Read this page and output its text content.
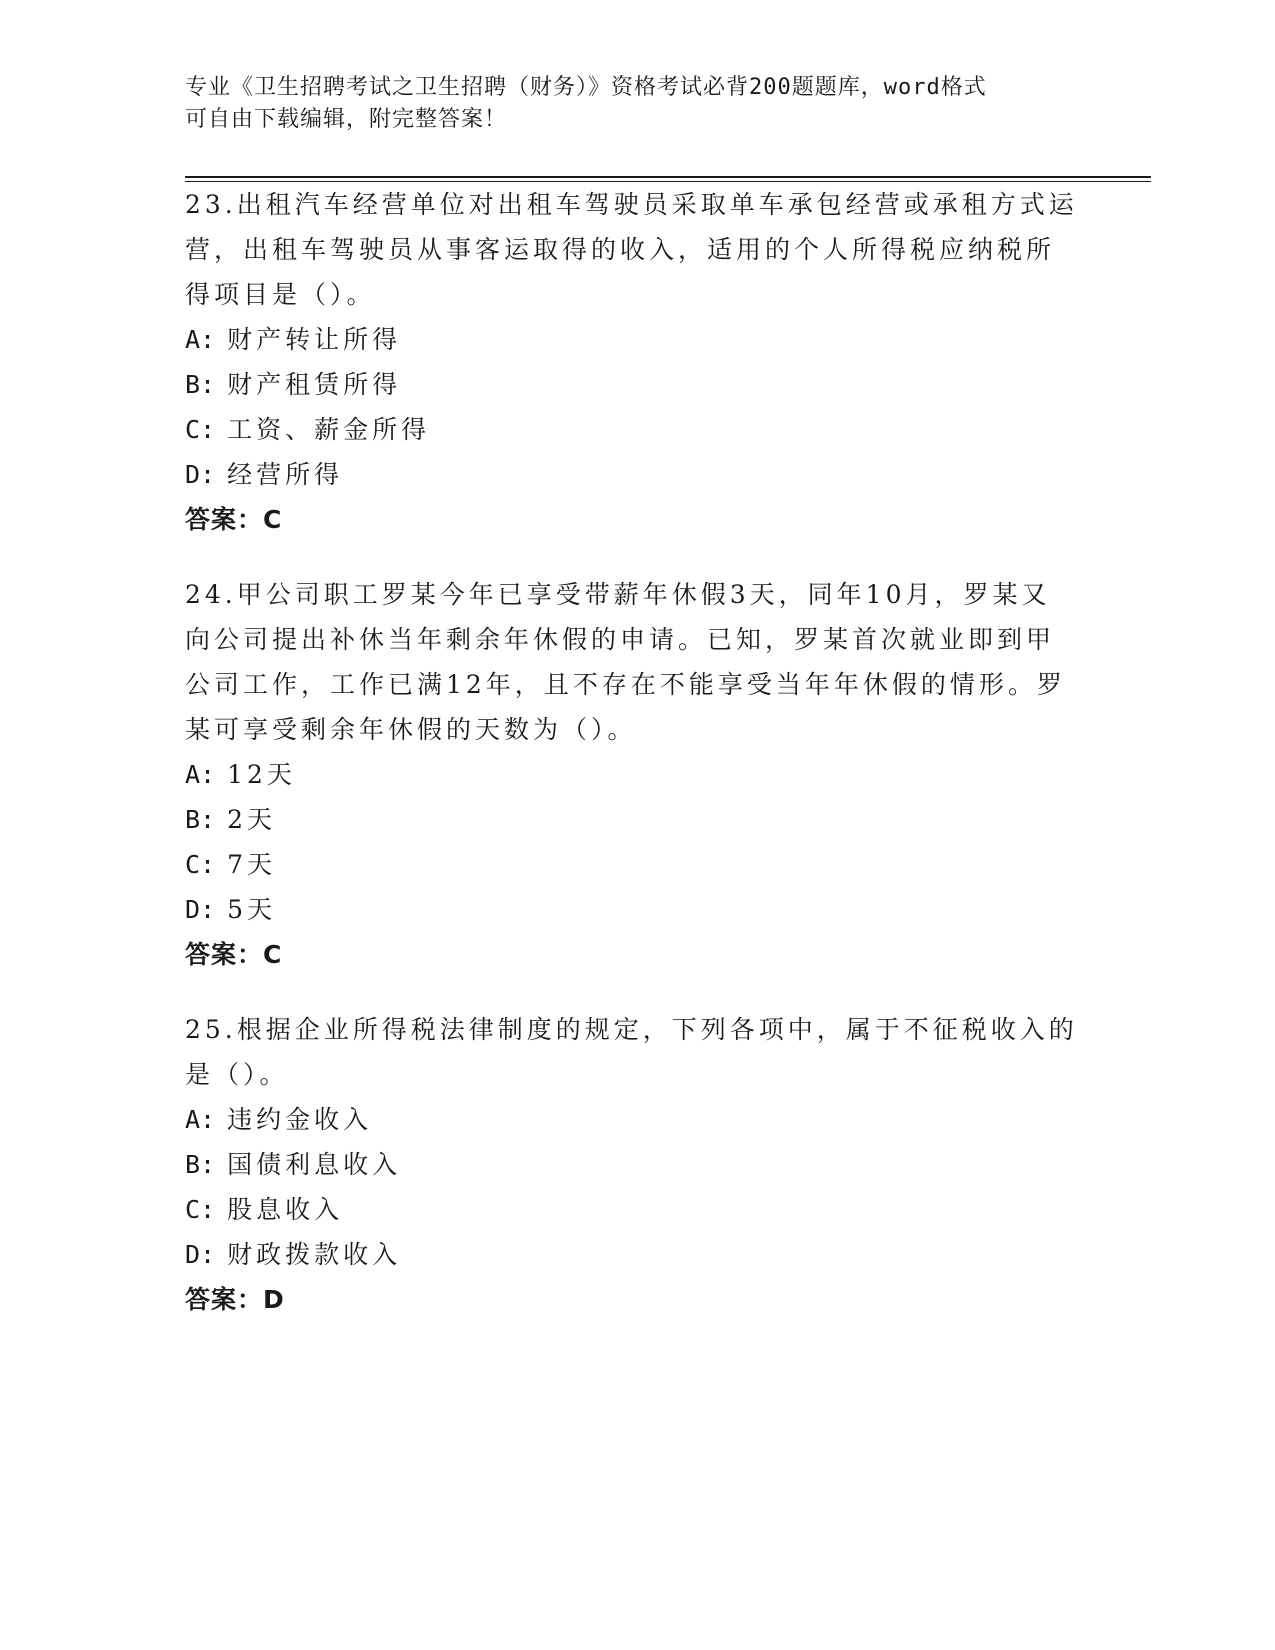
专业《卫生招聘考试之卫生招聘（财务）》资格考试必背200题题库，word格式
可自由下载编辑，附完整答案！
23.出租汽车经营单位对出租车驾驶员采取单车承包经营或承租方式运
营，出租车驾驶员从事客运取得的收入，适用的个人所得税应纳税所
得项目是（）。
A: 财产转让所得
B: 财产租赁所得
C: 工资、薪金所得
D: 经营所得
答案：C
24.甲公司职工罗某今年已享受带薪年休假3天，同年10月，罗某又
向公司提出补休当年剩余年休假的申请。已知，罗某首次就业即到甲
公司工作，工作已满12年，且不存在不能享受当年年休假的情形。罗
某可享受剩余年休假的天数为（）。
A: 12天
B: 2天
C: 7天
D: 5天
答案：C
25.根据企业所得税法律制度的规定，下列各项中，属于不征税收入的
是（）。
A: 违约金收入
B: 国债利息收入
C: 股息收入
D: 财政拨款收入
答案：D
